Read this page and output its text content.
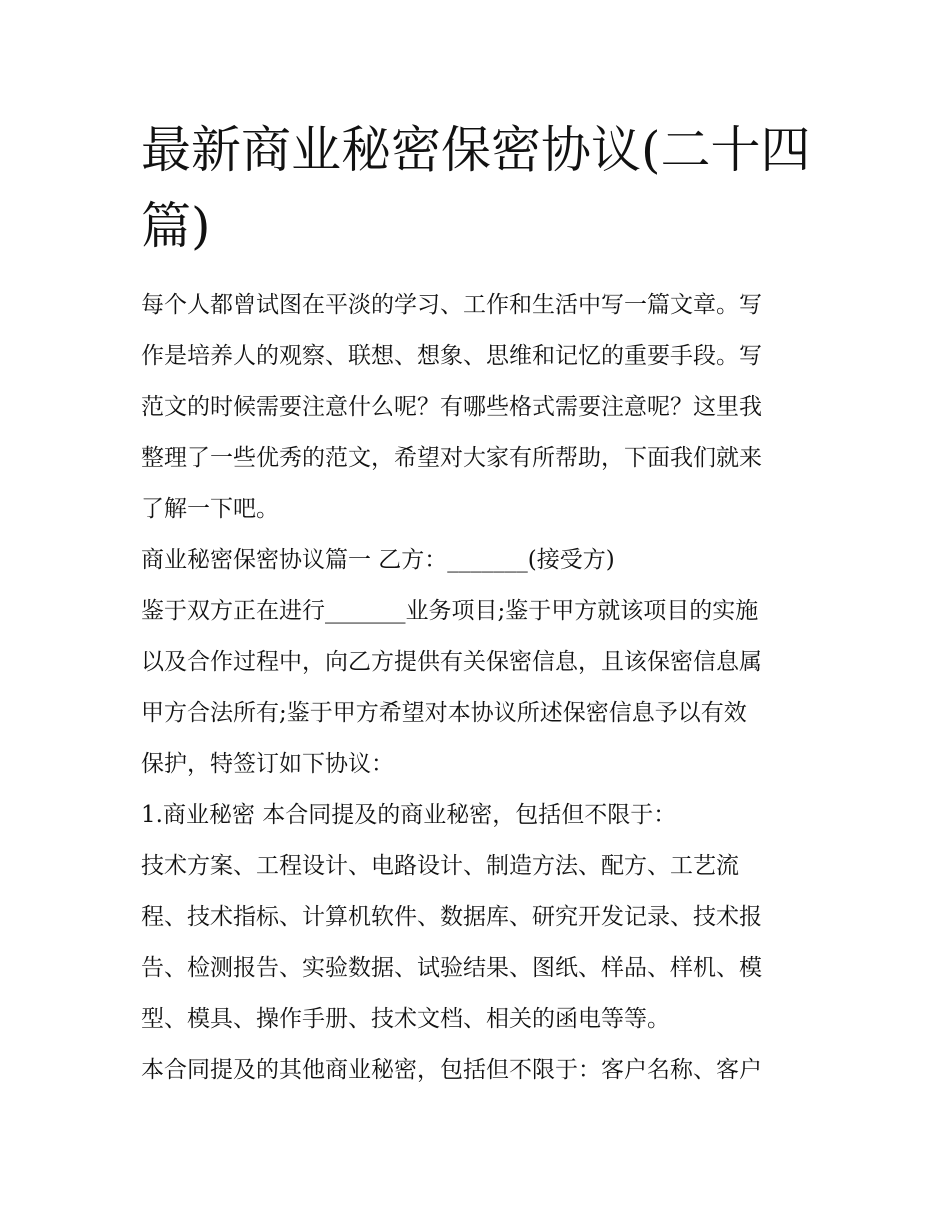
最新商业秘密保密协议(二十四篇)

每个人都曾试图在平淡的学习、工作和生活中写一篇文章。写

作是培养人的观察、联想、想象、思维和记忆的重要手段。写

范文的时候需要注意什么呢？有哪些格式需要注意呢？这里我

整理了一些优秀的范文，希望对大家有所帮助，下面我们就来

了解一下吧。

商业秘密保密协议篇一 乙方：_______(接受方)

鉴于双方正在进行_______业务项目;鉴于甲方就该项目的实施

以及合作过程中，向乙方提供有关保密信息，且该保密信息属

甲方合法所有;鉴于甲方希望对本协议所述保密信息予以有效

保护，特签订如下协议：

1.商业秘密 本合同提及的商业秘密，包括但不限于：

技术方案、工程设计、电路设计、制造方法、配方、工艺流

程、技术指标、计算机软件、数据库、研究开发记录、技术报

告、检测报告、实验数据、试验结果、图纸、样品、样机、模

型、模具、操作手册、技术文档、相关的函电等等。

本合同提及的其他商业秘密，包括但不限于：客户名称、客户
